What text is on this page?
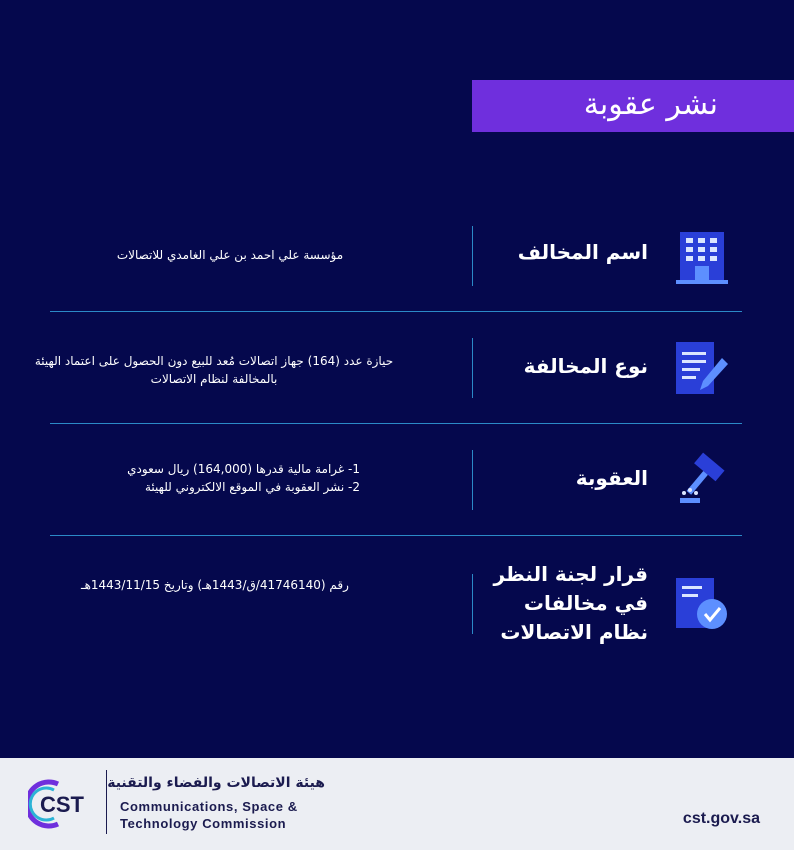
نشر عقوبة
اسم المخالف
مؤسسة علي احمد بن علي الغامدي للاتصالات
نوع المخالفة
حيازة عدد (164) جهاز اتصالات مُعد للبيع دون الحصول على اعتماد الهيئة بالمخالفة لنظام الاتصالات
العقوبة
1- غرامة مالية قدرها (164,000) ريال سعودي
2- نشر العقوبة في الموقع الالكتروني للهيئة
قرار لجنة النظر
في مخالفات
نظام الاتصالات
رقم (41746140/ق/1443هـ) وتاريخ 1443/11/15هـ
CST
هيئة الاتصالات والفضاء والتقنية
Communications, Space &
Technology Commission	cst.gov.sa
